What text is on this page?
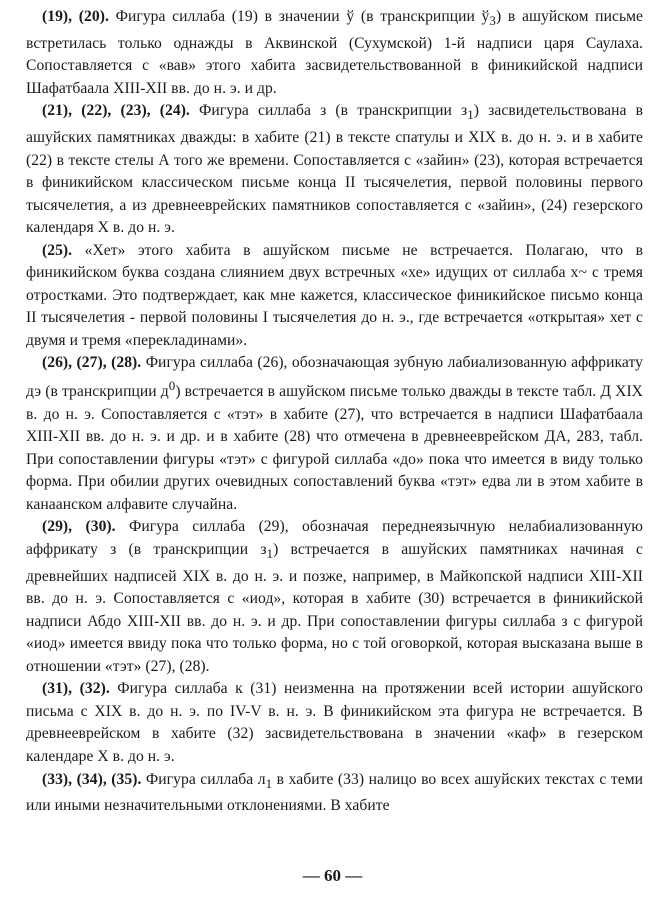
(19), (20). Фигура силлаба (19) в значении ў (в транскрипции $ў_3$) в ашуйском письме встретилась только однажды в Аквинской (Сухумской) 1-й надписи царя Саулаха. Сопоставляется с «вав» этого хабита засвидетельствованной в финикийской надписи Шафатбаала XIII-XII вв. до н. э. и др.

(21), (22), (23), (24). Фигура силлаба з (в транскрипции $з_1$) засвидетельствована в ашуйских памятниках дважды: в хабите (21) в тексте спатулы и XIX в. до н. э. и в хабите (22) в тексте стелы А того же времени. Сопоставляется с «зайин» (23), которая встречается в финикийском классическом письме конца II тысячелетия, первой половины первого тысячелетия, а из древнееврейских памятников сопоставляется с «зайин», (24) гезерского календаря X в. до н. э.

(25). «Хет» этого хабита в ашуйском письме не встречается. Полагаю, что в финикийском буква создана слиянием двух встречных «хе» идущих от силлаба х~ с тремя отростками. Это подтверждает, как мне кажется, классическое финикийское письмо конца II тысячелетия - первой половины I тысячелетия до н. э., где встречается «открытая» хет с двумя и тремя «перекладинами».

(26), (27), (28). Фигура силлаба (26), обозначающая зубную лабиализованную аффрикату дэ (в транскрипции $д^0$) встречается в ашуйском письме только дважды в тексте табл. Д XIX в. до н. э. Сопоставляется с «тэт» в хабите (27), что встречается в надписи Шафатбаала XIII-XII вв. до н. э. и др. и в хабите (28) что отмечена в древнееврейском ДА, 283, табл. При сопоставлении фигуры «тэт» с фигурой силлаба «до» пока что имеется в виду только форма. При обилии других очевидных сопоставлений буква «тэт» едва ли в этом хабите в канаанском алфавите случайна.

(29), (30). Фигура силлаба (29), обозначая переднеязычную нелабиализованную аффрикату з (в транскрипции $з_1$) встречается в ашуйских памятниках начиная с древнейших надписей XIX в. до н. э. и позже, например, в Майкопской надписи XIII-XII вв. до н. э. Сопоставляется с «иод», которая в хабите (30) встречается в финикийской надписи Абдо XIII-XII вв. до н. э. и др. При сопоставлении фигуры силлаба з с фигурой «иод» имеется ввиду пока что только форма, но с той оговоркой, которая высказана выше в отношении «тэт» (27), (28).

(31), (32). Фигура силлаба к (31) неизменна на протяжении всей истории ашуйского письма с XIX в. до н. э. по IV-V в. н. э. В финикийском эта фигура не встречается. В древнееврейском в хабите (32) засвидетельствована в значении «каф» в гезерском календаре X в. до н. э.

(33), (34), (35). Фигура силлаба $л_1$ в хабите (33) налицо во всех ашуйских текстах с теми или иными незначительными отклонениями. В хабите

— 60 —
